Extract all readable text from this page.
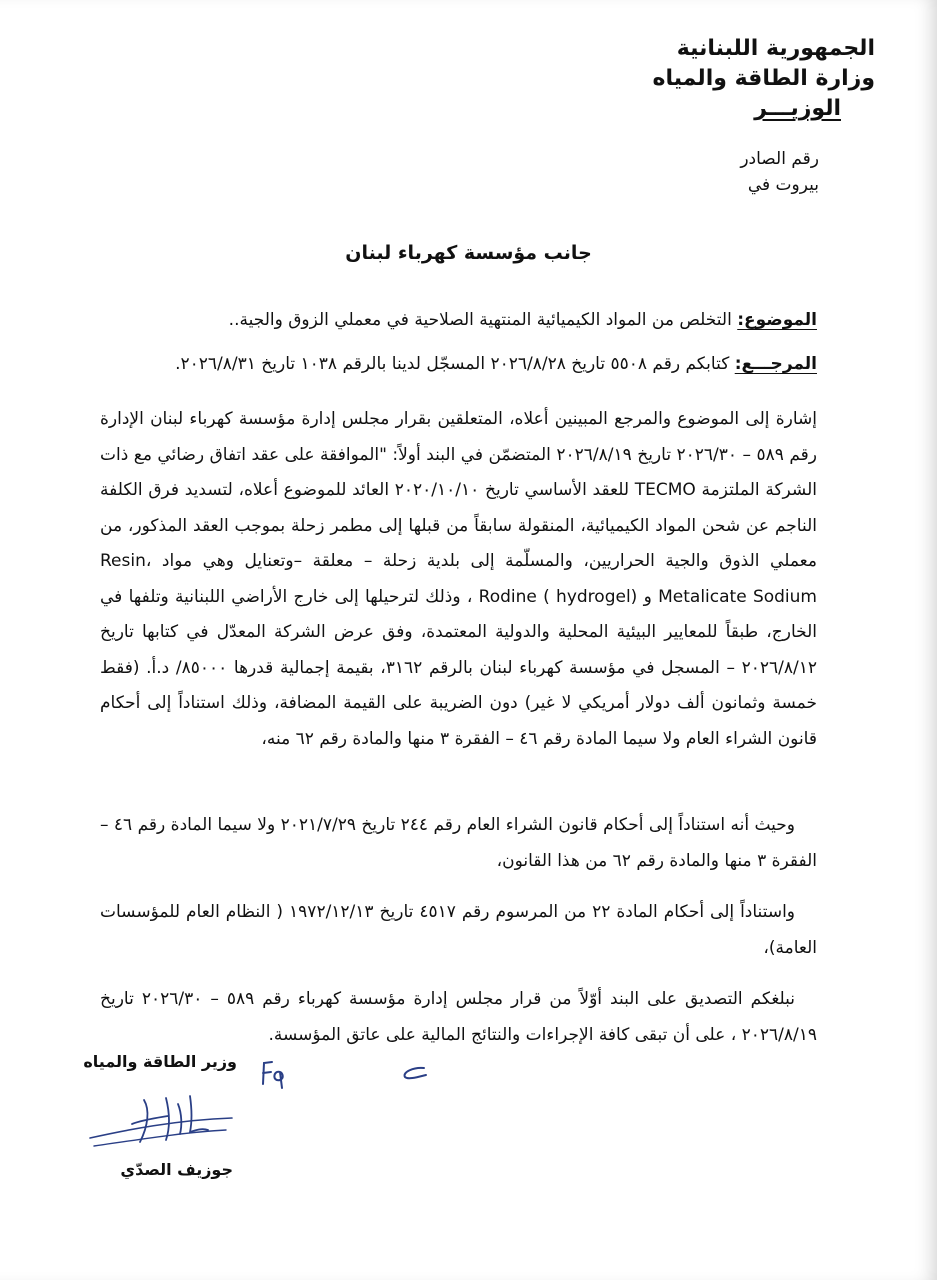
الجمهورية اللبنانية
وزارة الطاقة والمياه
الوزيـــر
رقم الصادر
بيروت في
جانب مؤسسة كهرباء لبنان
الموضوع: التخلص من المواد الكيميائية المنتهية الصلاحية في معملي الزوق والجية..
المرجـــع: كتابكم رقم ٥٥٠٨ تاريخ ٢٠٢٦/٨/٢٨ المسجّل لدينا بالرقم ١٠٣٨ تاريخ ٢٠٢٦/٨/٣١.
إشارة إلى الموضوع والمرجع المبينين أعلاه، المتعلقين بقرار مجلس إدارة مؤسسة كهرباء لبنان الإدارة رقم ٥٨٩ – ٢٠٢٦/٣٠ تاريخ ٢٠٢٦/٨/١٩ المتضمّن في البند أولاً: "الموافقة على عقد اتفاق رضائي مع ذات الشركة الملتزمة TECMO للعقد الأساسي تاريخ ٢٠٢٠/١٠/١٠ العائد للموضوع أعلاه، لتسديد فرق الكلفة الناجم عن شحن المواد الكيميائية، المنقولة سابقاً من قبلها إلى مطمر زحلة بموجب العقد المذكور، من معملي الذوق والجية الحراريين، والمسلّمة إلى بلدية زحلة – معلقة –وتعنايل وهي مواد Resin، Metalicate Sodium و Rodine ( hydrogel) ، وذلك لترحيلها إلى خارج الأراضي اللبنانية وتلفها في الخارج، طبقاً للمعايير البيئية المحلية والدولية المعتمدة، وفق عرض الشركة المعدّل في كتابها تاريخ ٢٠٢٦/٨/١٢ – المسجل في مؤسسة كهرباء لبنان بالرقم ٣١٦٢، بقيمة إجمالية قدرها ٨٥٠٠٠/ د.أ. (فقط خمسة وثمانون ألف دولار أمريكي لا غير) دون الضريبة على القيمة المضافة، وذلك استناداً إلى أحكام قانون الشراء العام ولا سيما المادة رقم ٤٦ – الفقرة ٣ منها والمادة رقم ٦٢ منه،
وحيث أنه استناداً إلى أحكام قانون الشراء العام رقم ٢٤٤ تاريخ ٢٠٢١/٧/٢٩ ولا سيما المادة رقم ٤٦ – الفقرة ٣ منها والمادة رقم ٦٢ من هذا القانون،
واستناداً إلى أحكام المادة ٢٢ من المرسوم رقم ٤٥١٧ تاريخ ١٩٧٢/١٢/١٣ ( النظام العام للمؤسسات العامة)،
نبلغكم التصديق على البند أوّلاً من قرار مجلس إدارة مؤسسة كهرباء رقم ٥٨٩ – ٢٠٢٦/٣٠ تاريخ ٢٠٢٦/٨/١٩ ، على أن تبقى كافة الإجراءات والنتائج المالية على عاتق المؤسسة.
وزير الطاقة والمياه
جوزيف الصدّي
